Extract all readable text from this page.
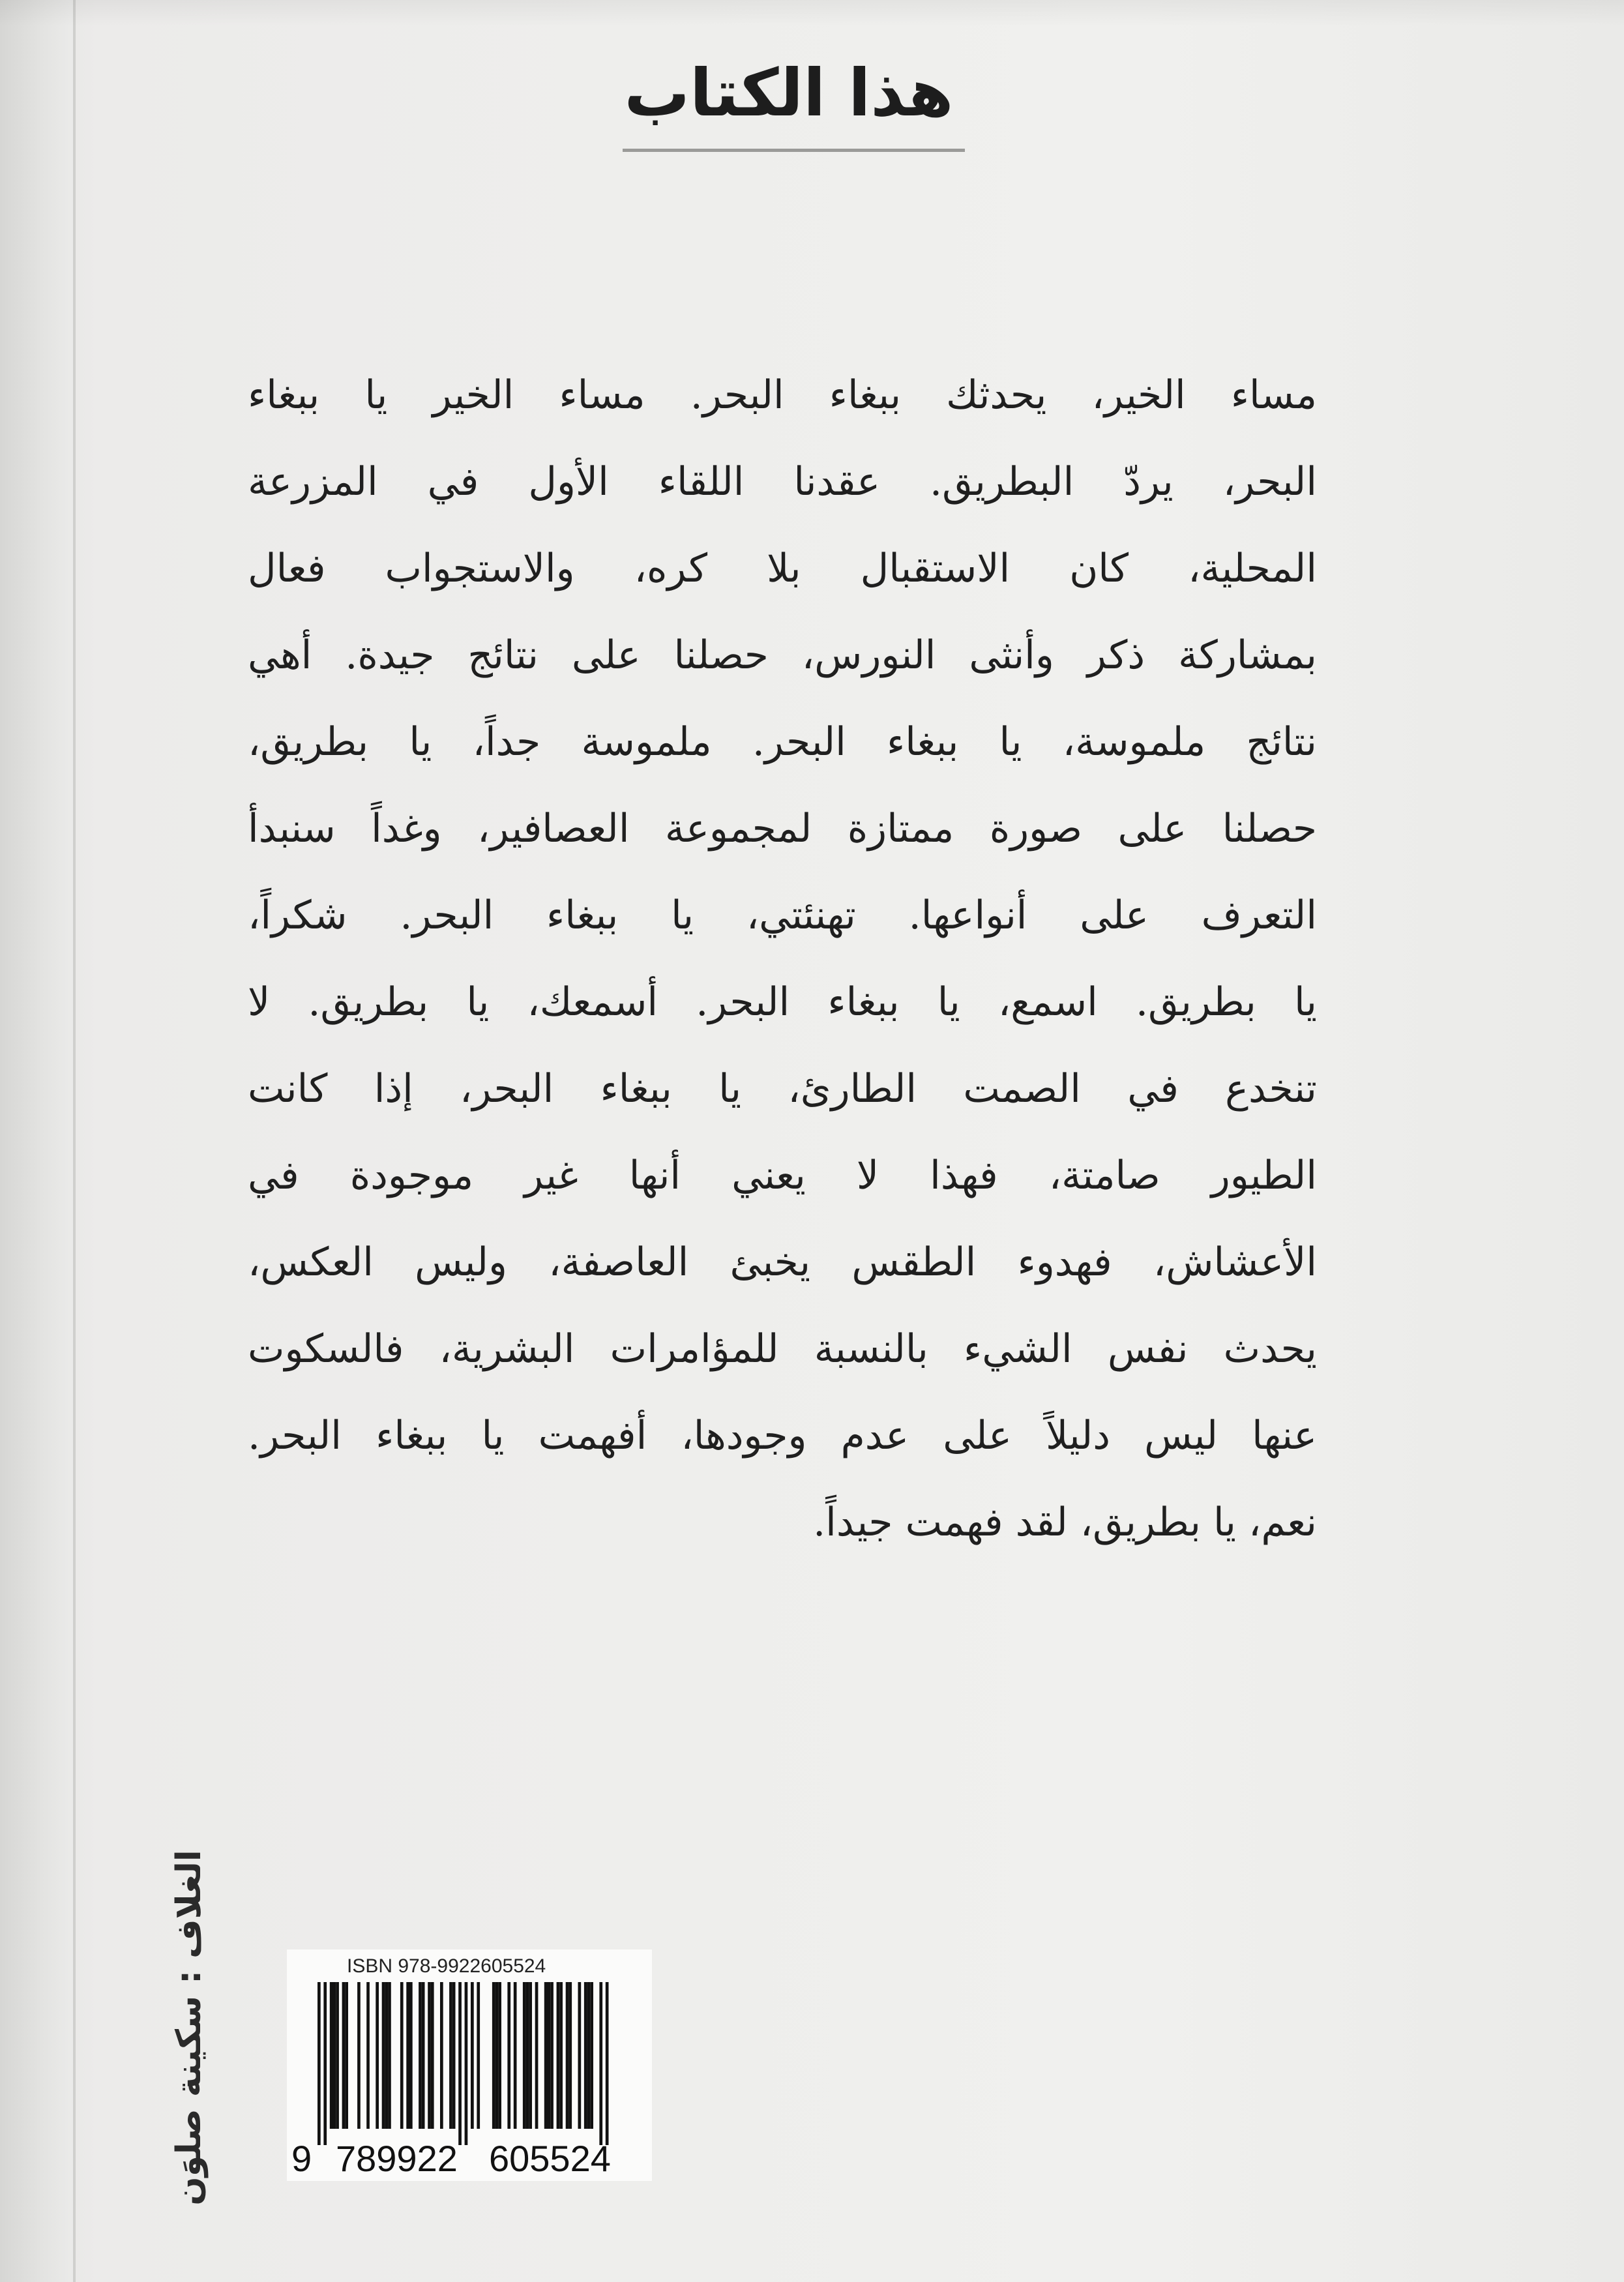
هذا الكتاب
مساء الخير، يحدثك ببغاء البحر. مساء الخير يا ببغاء
البحر، يردّ البطريق. عقدنا اللقاء الأول في المزرعة
المحلية، كان الاستقبال بلا كره، والاستجواب فعال
بمشاركة ذكر وأنثى النورس، حصلنا على نتائج جيدة. أهي
نتائج ملموسة، يا ببغاء البحر. ملموسة جداً، يا بطريق،
حصلنا على صورة ممتازة لمجموعة العصافير، وغداً سنبدأ
التعرف على أنواعها. تهنئتي، يا ببغاء البحر. شكراً،
يا بطريق. اسمع، يا ببغاء البحر. أسمعك، يا بطريق. لا
تنخدع في الصمت الطارئ، يا ببغاء البحر، إذا كانت
الطيور صامتة، فهذا لا يعني أنها غير موجودة في
الأعشاش، فهدوء الطقس يخبئ العاصفة، وليس العكس،
يحدث نفس الشيء بالنسبة للمؤامرات البشرية، فالسكوت
عنها ليس دليلاً على عدم وجودها، أفهمت يا ببغاء البحر.
نعم، يا بطريق، لقد فهمت جيداً.
الغلاف : سكينة صلوَن	ISBN 978-9922605524
9 789922 605524
